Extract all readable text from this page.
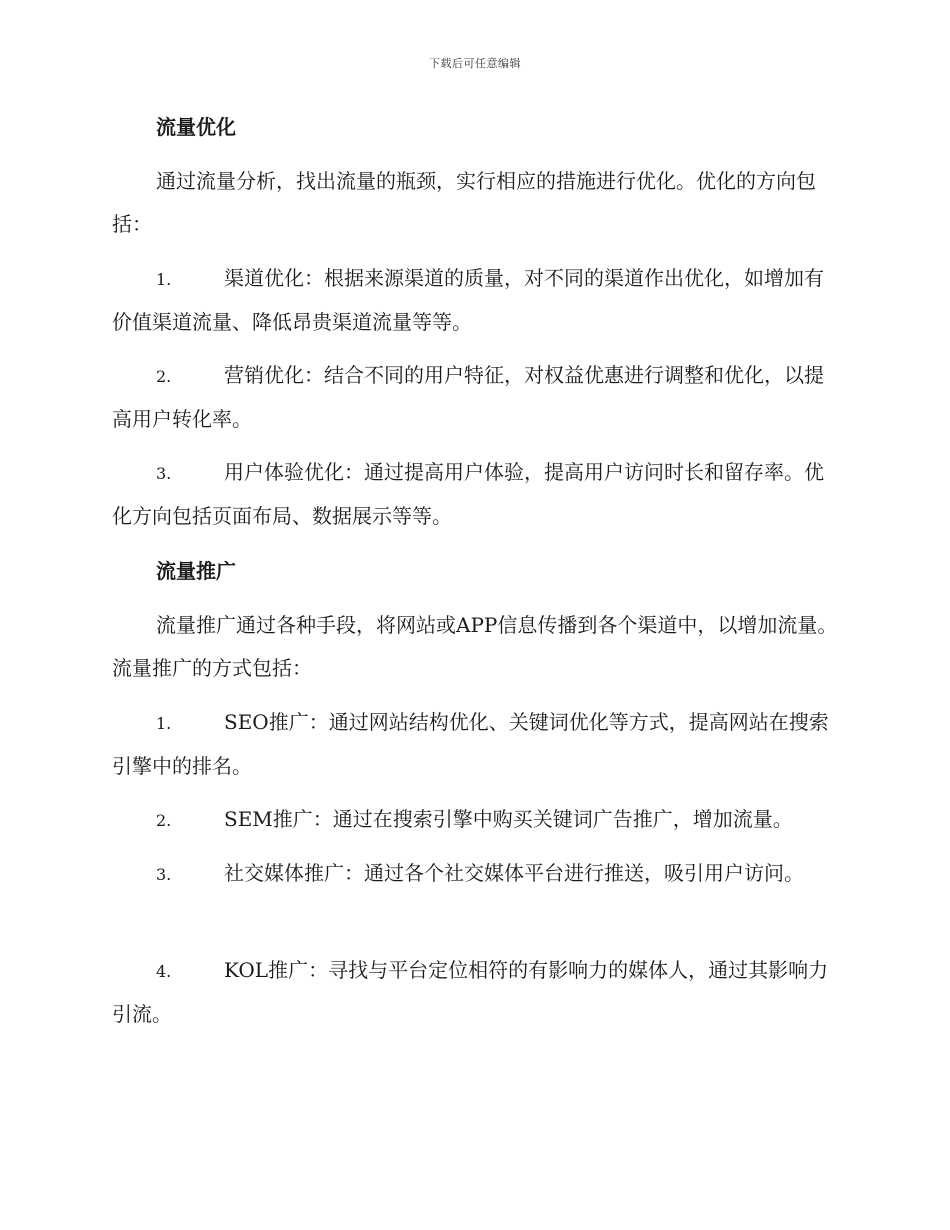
下载后可任意编辑
流量优化

通过流量分析，找出流量的瓶颈，实行相应的措施进行优化。优化的方向包括：

1.	渠道优化：根据来源渠道的质量，对不同的渠道作出优化，如增加有价值渠道流量、降低昂贵渠道流量等等。

2.	营销优化：结合不同的用户特征，对权益优惠进行调整和优化，以提高用户转化率。

3.	用户体验优化：通过提高用户体验，提高用户访问时长和留存率。优化方向包括页面布局、数据展示等等。

流量推广

流量推广通过各种手段，将网站或APP信息传播到各个渠道中，以增加流量。流量推广的方式包括：

1.	SEO推广：通过网站结构优化、关键词优化等方式，提高网站在搜索引擎中的排名。

2.	SEM推广：通过在搜索引擎中购买关键词广告推广，增加流量。

3.	社交媒体推广：通过各个社交媒体平台进行推送，吸引用户访问。

4.	KOL推广：寻找与平台定位相符的有影响力的媒体人，通过其影响力引流。
